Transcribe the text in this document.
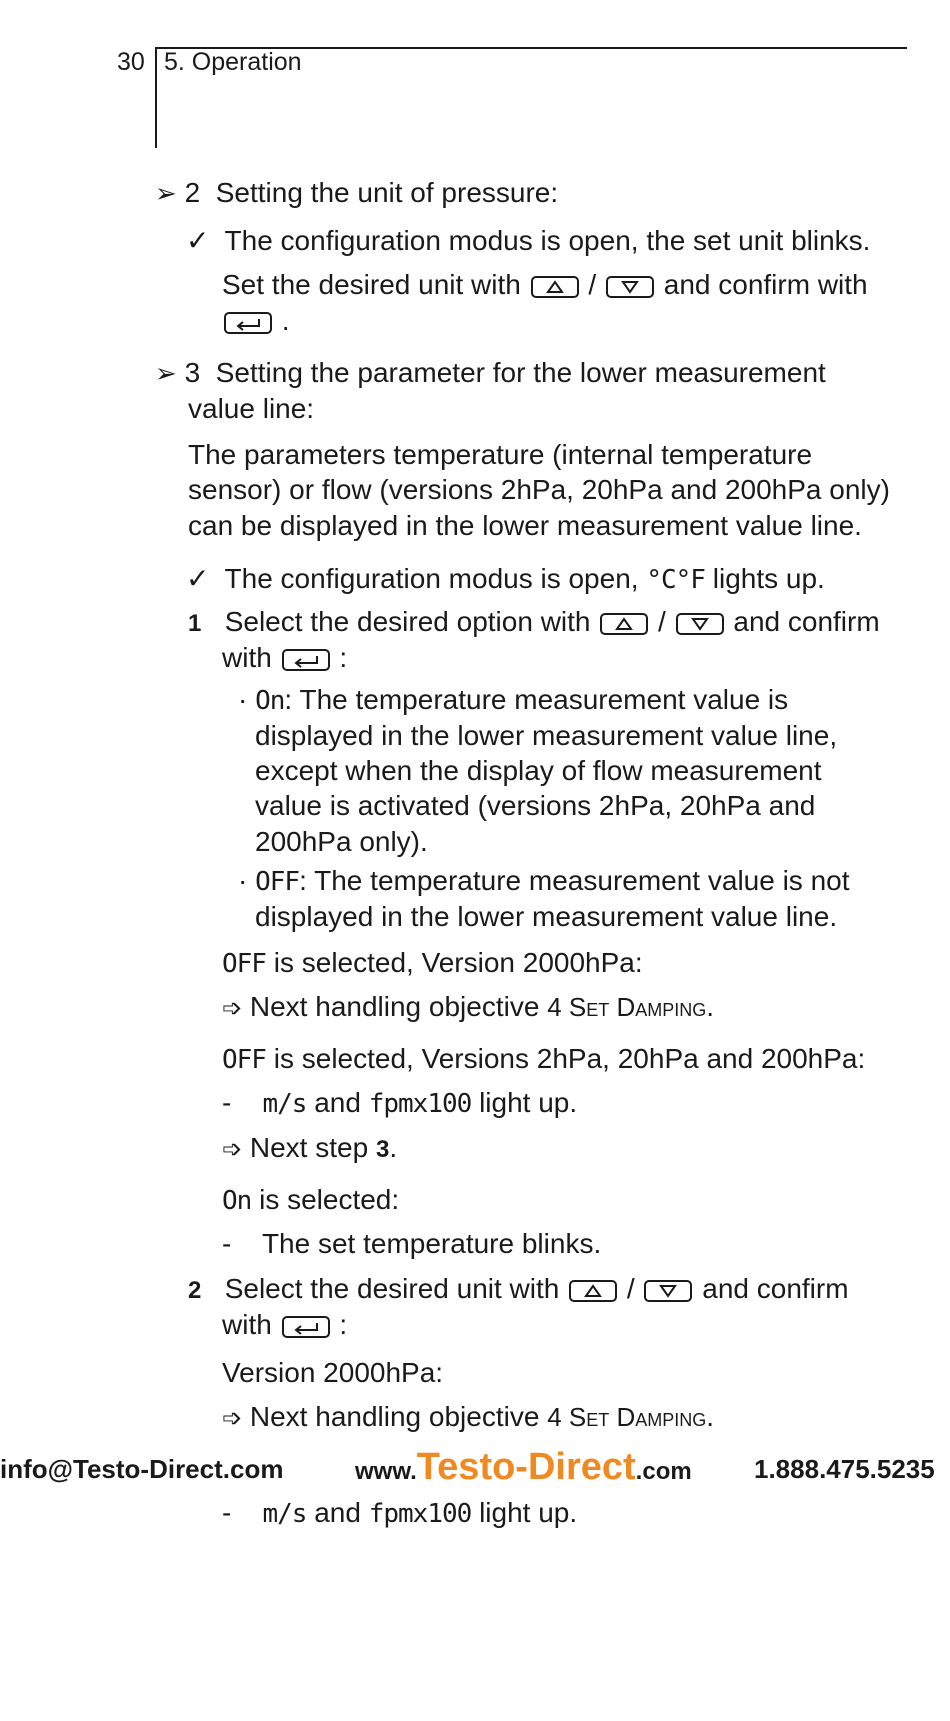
30 5. Operation
➢ 2 Setting the unit of pressure:
✓ The configuration modus is open, the set unit blinks.
Set the desired unit with / and confirm with
.
➢ 3 Setting the parameter for the lower measurement
value line:
The parameters temperature (internal temperature
sensor) or flow (versions 2hPa, 20hPa and 200hPa only)
can be displayed in the lower measurement value line.
✓ The configuration modus is open, °C°F lights up.
1 Select the desired option with / and confirm
with :
· On: The temperature measurement value is
displayed in the lower measurement value line,
except when the display of flow measurement
value is activated (versions 2hPa, 20hPa and
200hPa only).
· OFF: The temperature measurement value is not
displayed in the lower measurement value line.
OFF is selected, Version 2000hPa:
➩ Next handling objective 4 Set Damping.
OFF is selected, Versions 2hPa, 20hPa and 200hPa:
- m/s and fpmx100 light up.
➩ Next step 3.
On is selected:
- The set temperature blinks.
2 Select the desired unit with / and confirm
with :
Version 2000hPa:
➩ Next handling objective 4 Set Damping.
info@Testo-Direct.com	www.Testo-Direct.com 1.888.475.5235
- m/s and fpmx100 light up.
